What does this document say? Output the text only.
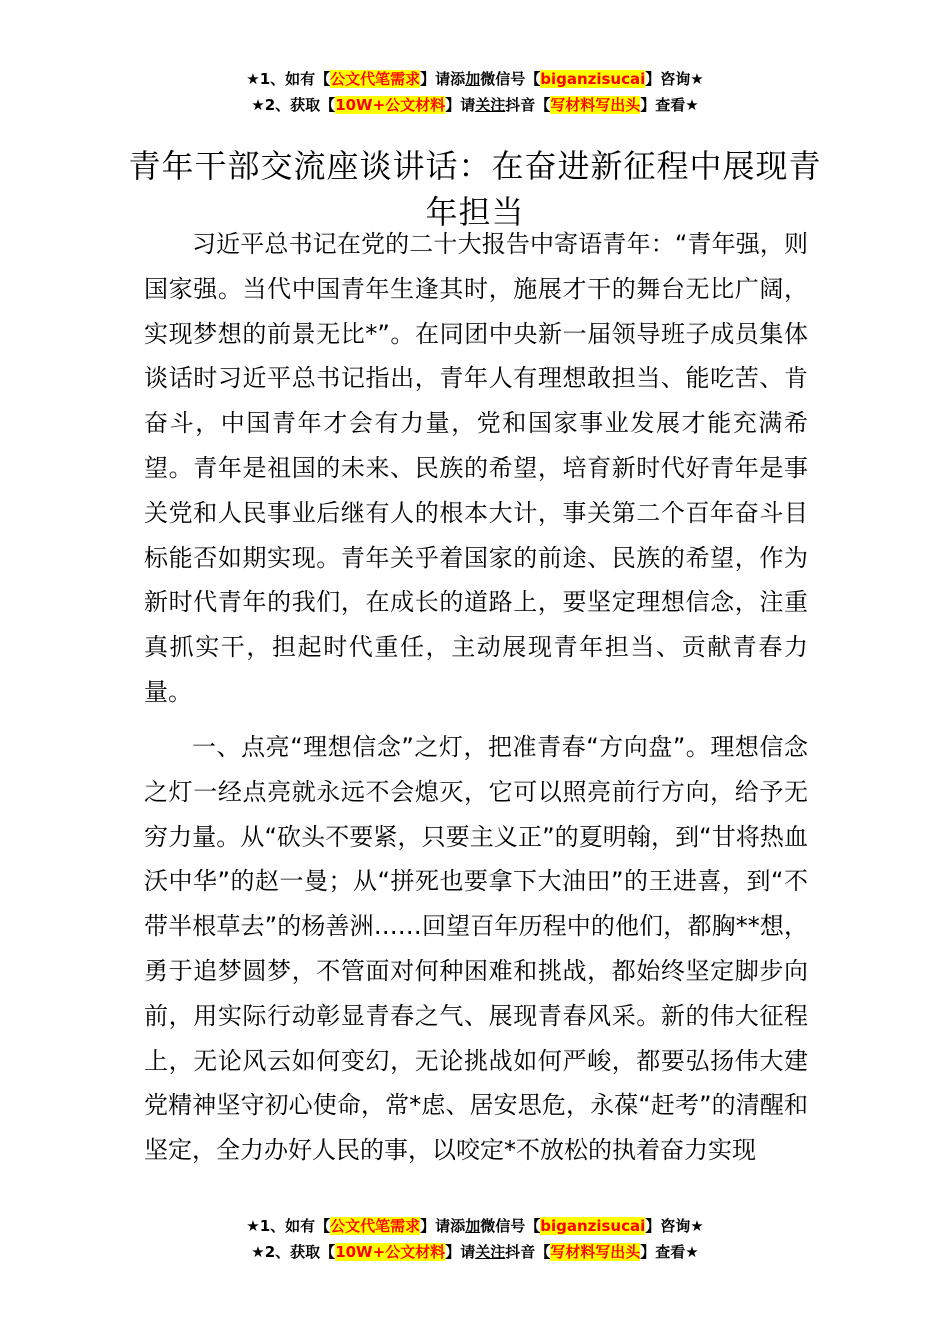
★1、如有【公文代笔需求】请添加微信号【biganzisucai】咨询★
★2、获取【10W+公文材料】请关注抖音【写材料写出头】查看★
青年干部交流座谈讲话：在奋进新征程中展现青年担当

习近平总书记在党的二十大报告中寄语青年：“青年强，则国家强。当代中国青年生逢其时，施展才干的舞台无比广阔，实现梦想的前景无比*”。在同团中央新一届领导班子成员集体谈话时习近平总书记指出，青年人有理想敢担当、能吃苦、肯奋斗，中国青年才会有力量，党和国家事业发展才能充满希望。青年是祖国的未来、民族的希望，培育新时代好青年是事关党和人民事业后继有人的根本大计，事关第二个百年奋斗目标能否如期实现。青年关乎着国家的前途、民族的希望，作为新时代青年的我们，在成长的道路上，要坚定理想信念，注重真抓实干，担起时代重任，主动展现青年担当、贡献青春力量。

一、点亮“理想信念”之灯，把准青春“方向盘”。理想信念之灯一经点亮就永远不会熄灭，它可以照亮前行方向，给予无穷力量。从“砍头不要紧，只要主义正”的夏明翰，到“甘将热血沃中华”的赵一曼；从“拼死也要拿下大油田”的王进喜，到“不带半根草去”的杨善洲……回望百年历程中的他们，都胸**想，勇于追梦圆梦，不管面对何种困难和挑战，都始终坚定脚步向前，用实际行动彰显青春之气、展现青春风采。新的伟大征程上，无论风云如何变幻，无论挑战如何严峻，都要弘扬伟大建党精神坚守初心使命，常*虑、居安思危，永葆“赶考”的清醒和坚定，全力办好人民的事，以咬定*不放松的执着奋力实现

★1、如有【公文代笔需求】请添加微信号【biganzisucai】咨询★
★2、获取【10W+公文材料】请关注抖音【写材料写出头】查看★
